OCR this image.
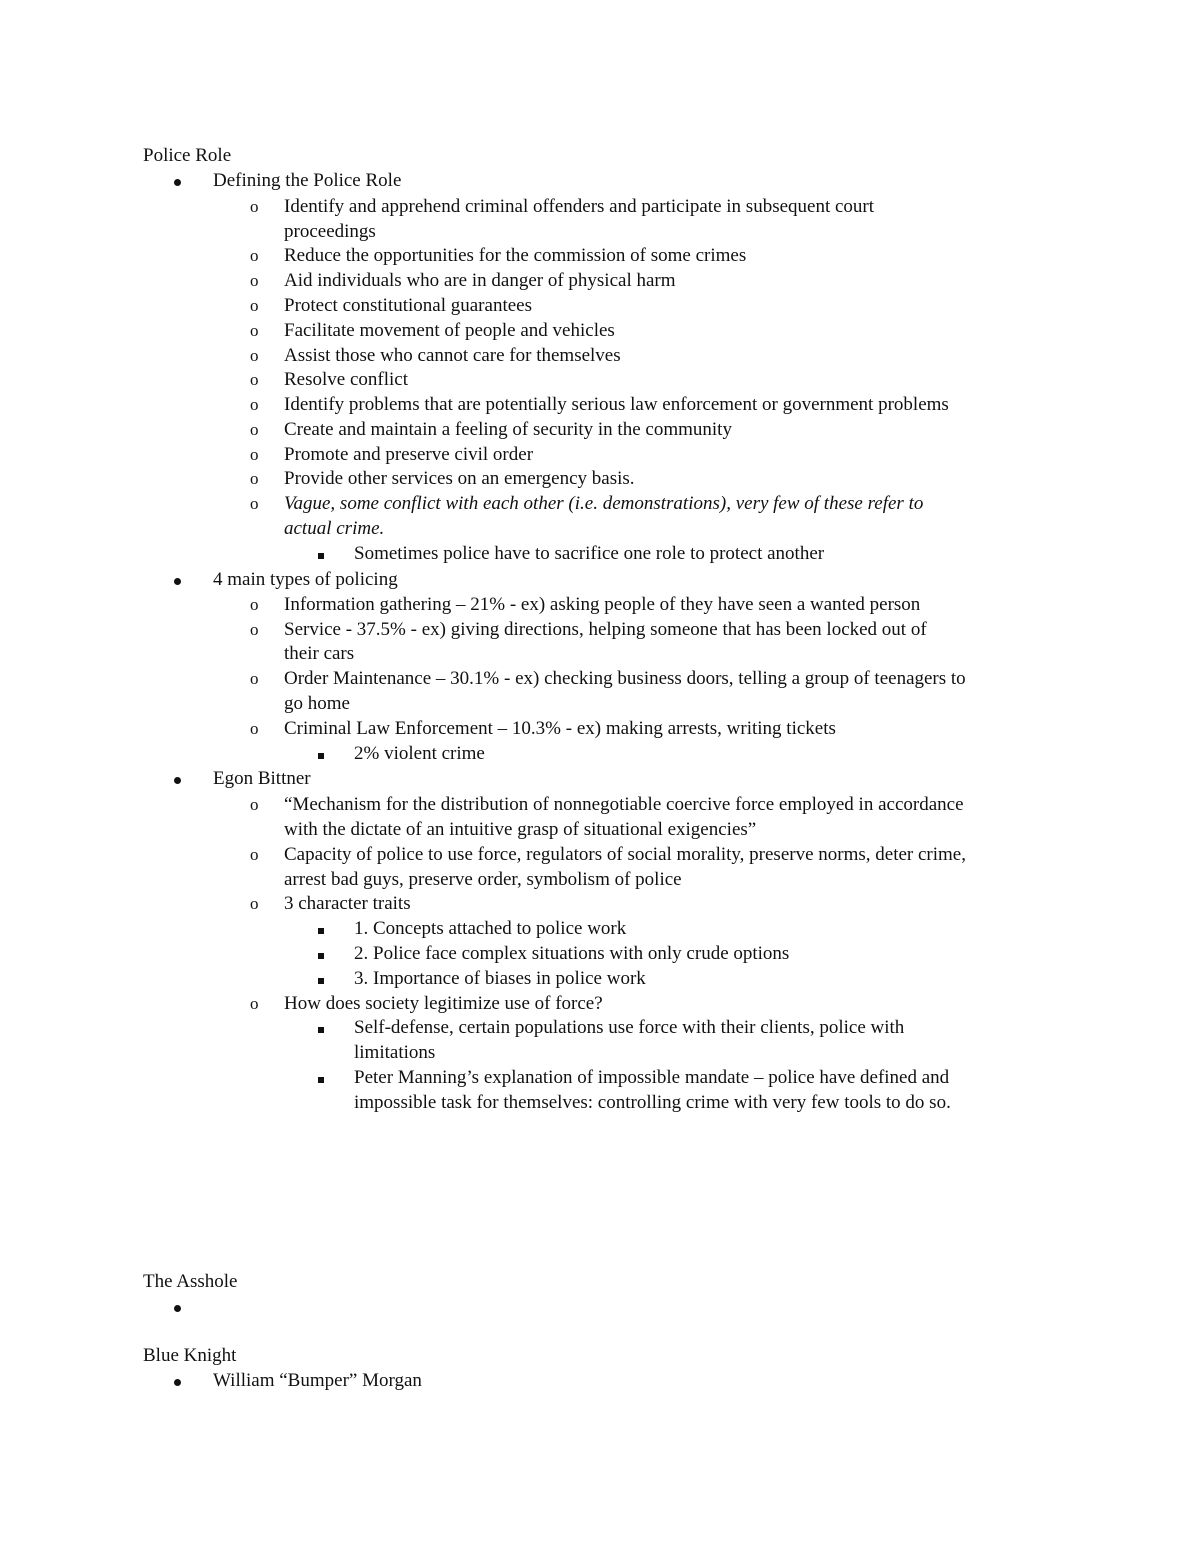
Police Role
Defining the Police Role
o Identify and apprehend criminal offenders and participate in subsequent court
proceedings
o Reduce the opportunities for the commission of some crimes
o Aid individuals who are in danger of physical harm
o Protect constitutional guarantees
o Facilitate movement of people and vehicles
o Assist those who cannot care for themselves
o Resolve conflict
o Identify problems that are potentially serious law enforcement or government problems
o Create and maintain a feeling of security in the community
o Promote and preserve civil order
o Provide other services on an emergency basis.
o Vague, some conflict with each other (i.e. demonstrations), very few of these refer to
actual crime.
Sometimes police have to sacrifice one role to protect another
4 main types of policing
o Information gathering – 21% - ex) asking people of they have seen a wanted person
o Service - 37.5% - ex) giving directions, helping someone that has been locked out of
their cars
o Order Maintenance – 30.1% - ex) checking business doors, telling a group of teenagers to
go home
o Criminal Law Enforcement – 10.3% - ex) making arrests, writing tickets
2% violent crime
Egon Bittner
o “Mechanism for the distribution of nonnegotiable coercive force employed in accordance
with the dictate of an intuitive grasp of situational exigencies”
o Capacity of police to use force, regulators of social morality, preserve norms, deter crime,
arrest bad guys, preserve order, symbolism of police
o 3 character traits
1. Concepts attached to police work
2. Police face complex situations with only crude options
3. Importance of biases in police work
o How does society legitimize use of force?
Self-defense, certain populations use force with their clients, police with
limitations
Peter Manning’s explanation of impossible mandate – police have defined and
impossible task for themselves: controlling crime with very few tools to do so.
The Asshole
Blue Knight
William “Bumper” Morgan
